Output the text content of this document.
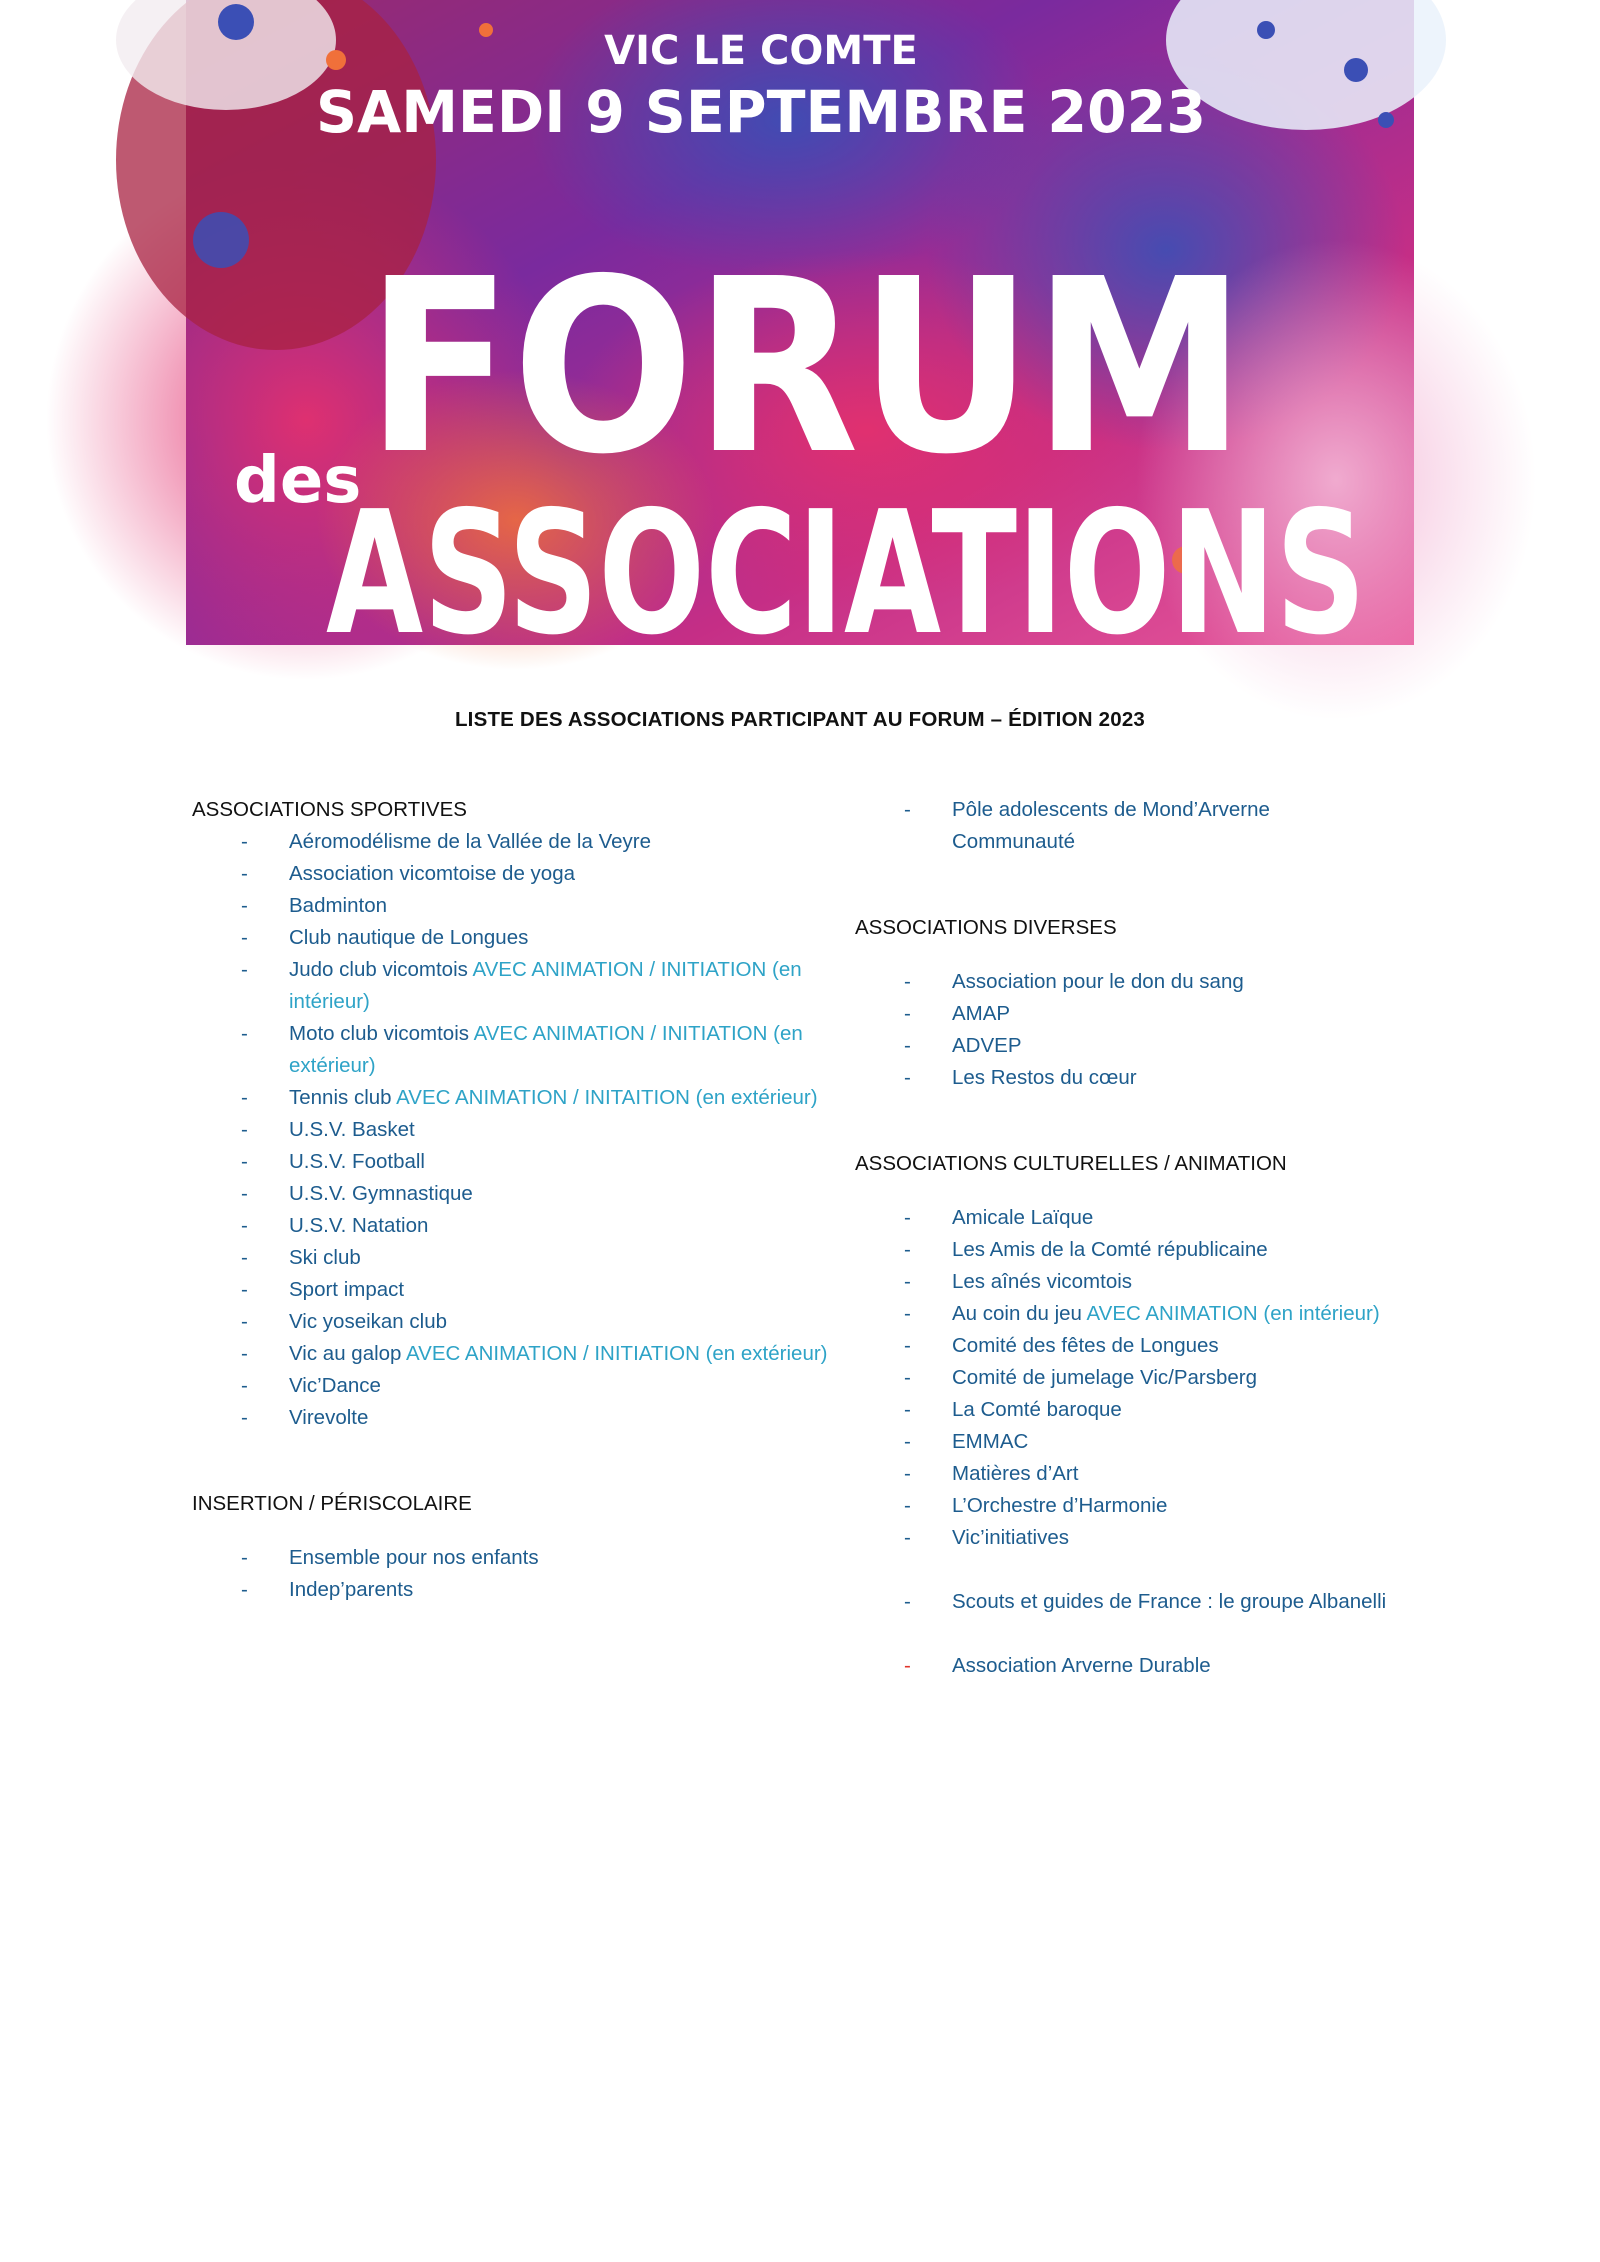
VIC LE COMTE
SAMEDI 9 SEPTEMBRE 2023
FORUM
des
ASSOCIATIONS
LISTE DES ASSOCIATIONS PARTICIPANT AU FORUM – ÉDITION 2023

ASSOCIATIONS SPORTIVES

- Aéromodélisme de la Vallée de la Veyre
- Association vicomtoise de yoga
- Badminton
- Club nautique de Longues
- Judo club vicomtois AVEC ANIMATION / INITIATION (en intérieur)
- Moto club vicomtois AVEC ANIMATION / INITIATION (en extérieur)
- Tennis club AVEC ANIMATION / INITAITION (en extérieur)
- U.S.V. Basket
- U.S.V. Football
- U.S.V. Gymnastique
- U.S.V. Natation
- Ski club
- Sport impact
- Vic yoseikan club
- Vic au galop AVEC ANIMATION / INITIATION (en extérieur)
- Vic’Dance
- Virevolte

INSERTION / PÉRISCOLAIRE

- Ensemble pour nos enfants
- Indep’parents
- Pôle adolescents de Mond’Arverne Communauté

ASSOCIATIONS DIVERSES

- Association pour le don du sang
- AMAP
- ADVEP
- Les Restos du cœur

ASSOCIATIONS CULTURELLES / ANIMATION

- Amicale Laïque
- Les Amis de la Comté républicaine
- Les aînés vicomtois
- Au coin du jeu AVEC ANIMATION (en intérieur)
- Comité des fêtes de Longues
- Comité de jumelage Vic/Parsberg
- La Comté baroque
- EMMAC
- Matières d’Art
- L’Orchestre d’Harmonie
- Vic’initiatives
- Scouts et guides de France : le groupe Albanelli
- Association Arverne Durable
